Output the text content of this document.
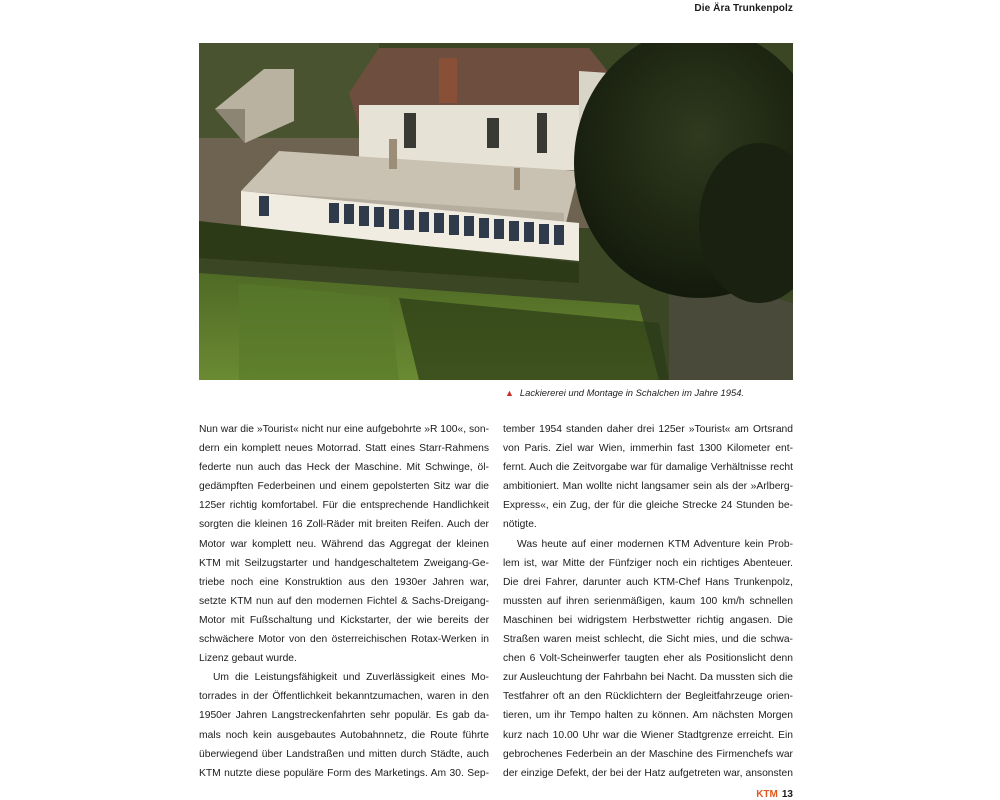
Die Ära Trunkenpolz
▲ Lackiererei und Montage in Schalchen im Jahre 1954.
Nun war die »Tourist« nicht nur eine aufgebohrte »R 100«, son-
dern ein komplett neues Motorrad. Statt eines Starr-Rahmens
federte nun auch das Heck der Maschine. Mit Schwinge, öl-
gedämpften Federbeinen und einem gepolsterten Sitz war die
125er richtig komfortabel. Für die entsprechende Handlichkeit
sorgten die kleinen 16 Zoll-Räder mit breiten Reifen. Auch der
Motor war komplett neu. Während das Aggregat der kleinen
KTM mit Seilzugstarter und handgeschaltetem Zweigang-Ge-
triebe noch eine Konstruktion aus den 1930er Jahren war,
setzte KTM nun auf den modernen Fichtel & Sachs-Dreigang-
Motor mit Fußschaltung und Kickstarter, der wie bereits der
schwächere Motor von den österreichischen Rotax-Werken in
Lizenz gebaut wurde.
Um die Leistungsfähigkeit und Zuverlässigkeit eines Mo-
torrades in der Öffentlichkeit bekanntzumachen, waren in den
1950er Jahren Langstreckenfahrten sehr populär. Es gab da-
mals noch kein ausgebautes Autobahnnetz, die Route führte
überwiegend über Landstraßen und mitten durch Städte, auch
KTM nutzte diese populäre Form des Marketings. Am 30. Sep-
tember 1954 standen daher drei 125er »Tourist« am Ortsrand
von Paris. Ziel war Wien, immerhin fast 1300 Kilometer ent-
fernt. Auch die Zeitvorgabe war für damalige Verhältnisse recht
ambitioniert. Man wollte nicht langsamer sein als der »Arlberg-
Express«, ein Zug, der für die gleiche Strecke 24 Stunden be-
nötigte.
Was heute auf einer modernen KTM Adventure kein Prob-
lem ist, war Mitte der Fünfziger noch ein richtiges Abenteuer.
Die drei Fahrer, darunter auch KTM-Chef Hans Trunkenpolz,
mussten auf ihren serienmäßigen, kaum 100 km/h schnellen
Maschinen bei widrigstem Herbstwetter richtig angasen. Die
Straßen waren meist schlecht, die Sicht mies, und die schwa-
chen 6 Volt-Scheinwerfer taugten eher als Positionslicht denn
zur Ausleuchtung der Fahrbahn bei Nacht. Da mussten sich die
Testfahrer oft an den Rücklichtern der Begleitfahrzeuge orien-
tieren, um ihr Tempo halten zu können. Am nächsten Morgen
kurz nach 10.00 Uhr war die Wiener Stadtgrenze erreicht. Ein
gebrochenes Federbein an der Maschine des Firmenchefs war
der einzige Defekt, der bei der Hatz aufgetreten war, ansonsten
KTM 13
